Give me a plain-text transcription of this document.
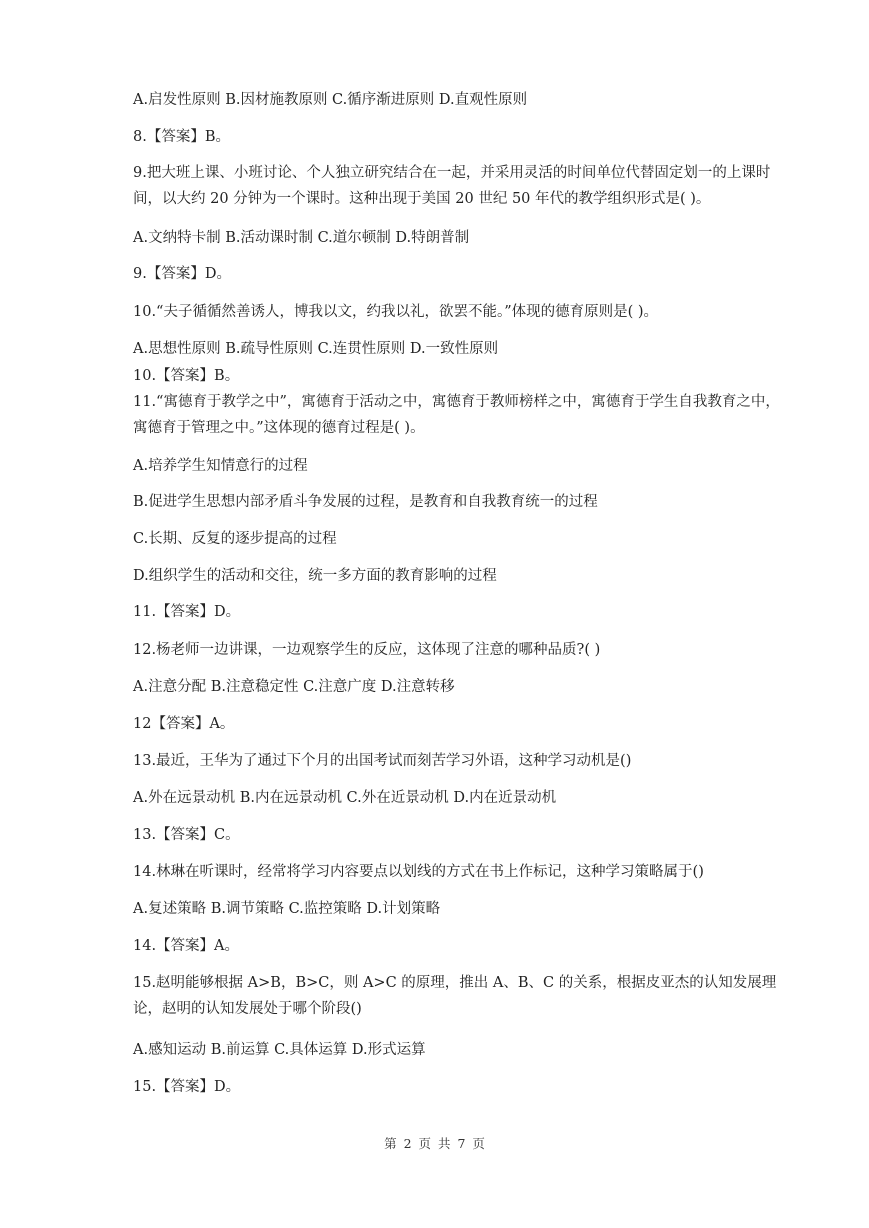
A.启发性原则 B.因材施教原则 C.循序渐进原则 D.直观性原则
8.【答案】B。
9.把大班上课、小班讨论、个人独立研究结合在一起，并采用灵活的时间单位代替固定划一的上课时间，以大约 20 分钟为一个课时。这种出现于美国 20 世纪 50 年代的教学组织形式是( )。
A.文纳特卡制 B.活动课时制 C.道尔顿制 D.特朗普制
9.【答案】D。
10.“夫子循循然善诱人，博我以文，约我以礼，欲罢不能。”体现的德育原则是( )。
A.思想性原则 B.疏导性原则 C.连贯性原则 D.一致性原则
10.【答案】B。
11.“寓德育于教学之中”，寓德育于活动之中，寓德育于教师榜样之中，寓德育于学生自我教育之中，寓德育于管理之中。”这体现的德育过程是( )。
A.培养学生知情意行的过程
B.促进学生思想内部矛盾斗争发展的过程，是教育和自我教育统一的过程
C.长期、反复的逐步提高的过程
D.组织学生的活动和交往，统一多方面的教育影响的过程
11.【答案】D。
12.杨老师一边讲课，一边观察学生的反应，这体现了注意的哪种品质?( )
A.注意分配 B.注意稳定性 C.注意广度 D.注意转移
12【答案】A。
13.最近，王华为了通过下个月的出国考试而刻苦学习外语，这种学习动机是()
A.外在远景动机 B.内在远景动机 C.外在近景动机 D.内在近景动机
13.【答案】C。
14.林琳在听课时，经常将学习内容要点以划线的方式在书上作标记，这种学习策略属于()
A.复述策略 B.调节策略 C.监控策略 D.计划策略
14.【答案】A。
15.赵明能够根据 A>B，B>C，则 A>C 的原理，推出 A、B、C 的关系，根据皮亚杰的认知发展理论，赵明的认知发展处于哪个阶段()
A.感知运动 B.前运算 C.具体运算 D.形式运算
15.【答案】D。
第 2 页 共 7 页
